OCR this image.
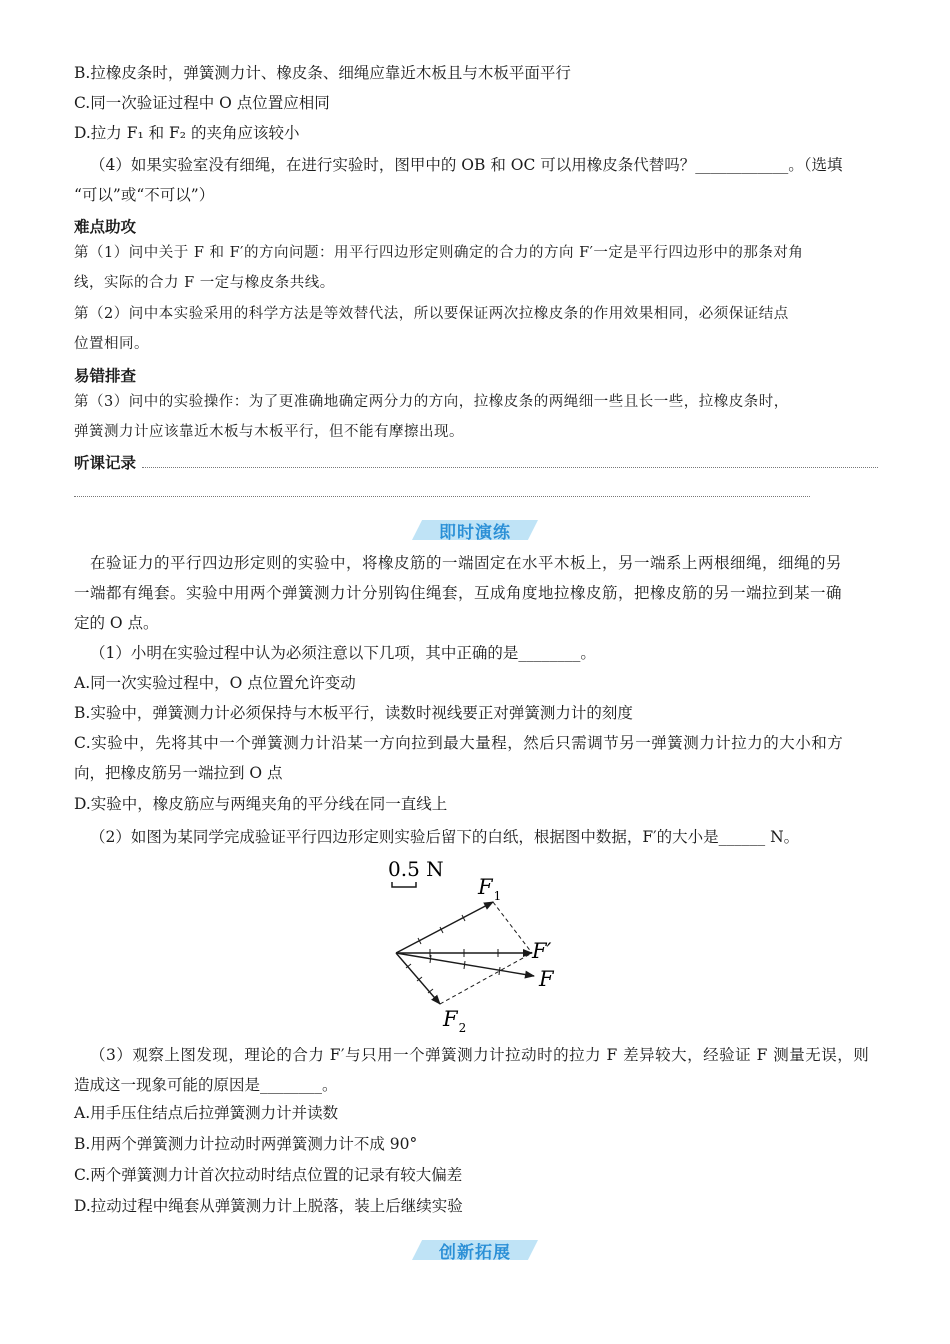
B.拉橡皮条时，弹簧测力计、橡皮条、细绳应靠近木板且与木板平面平行
C.同一次验证过程中 O 点位置应相同
D.拉力 F₁ 和 F₂ 的夹角应该较小
（4）如果实验室没有细绳，在进行实验时，图甲中的 OB 和 OC 可以用橡皮条代替吗？____________。（选填
“可以”或“不可以”）
难点助攻
第（1）问中关于 F 和 F′的方向问题：用平行四边形定则确定的合力的方向 F′一定是平行四边形中的那条对角
线，实际的合力 F 一定与橡皮条共线。
第（2）问中本实验采用的科学方法是等效替代法，所以要保证两次拉橡皮条的作用效果相同，必须保证结点
位置相同。
易错排查
第（3）问中的实验操作：为了更准确地确定两分力的方向，拉橡皮条的两绳细一些且长一些，拉橡皮条时，
弹簧测力计应该靠近木板与木板平行，但不能有摩擦出现。
听课记录
即时演练
在验证力的平行四边形定则的实验中，将橡皮筋的一端固定在水平木板上，另一端系上两根细绳，细绳的另
一端都有绳套。实验中用两个弹簧测力计分别钩住绳套，互成角度地拉橡皮筋，把橡皮筋的另一端拉到某一确
定的 O 点。
（1）小明在实验过程中认为必须注意以下几项，其中正确的是________。
A.同一次实验过程中，O 点位置允许变动
B.实验中，弹簧测力计必须保持与木板平行，读数时视线要正对弹簧测力计的刻度
C.实验中，先将其中一个弹簧测力计沿某一方向拉到最大量程，然后只需调节另一弹簧测力计拉力的大小和方
向，把橡皮筋另一端拉到 O 点
D.实验中，橡皮筋应与两绳夹角的平分线在同一直线上
（2）如图为某同学完成验证平行四边形定则实验后留下的白纸，根据图中数据，F′的大小是______ N。
0.5 N
$F_1$
$F_2$
F′
F
（3）观察上图发现，理论的合力 F′与只用一个弹簧测力计拉动时的拉力 F 差异较大，经验证 F 测量无误，则
造成这一现象可能的原因是________。
A.用手压住结点后拉弹簧测力计并读数
B.用两个弹簧测力计拉动时两弹簧测力计不成 90°
C.两个弹簧测力计首次拉动时结点位置的记录有较大偏差
D.拉动过程中绳套从弹簧测力计上脱落，装上后继续实验
创新拓展
